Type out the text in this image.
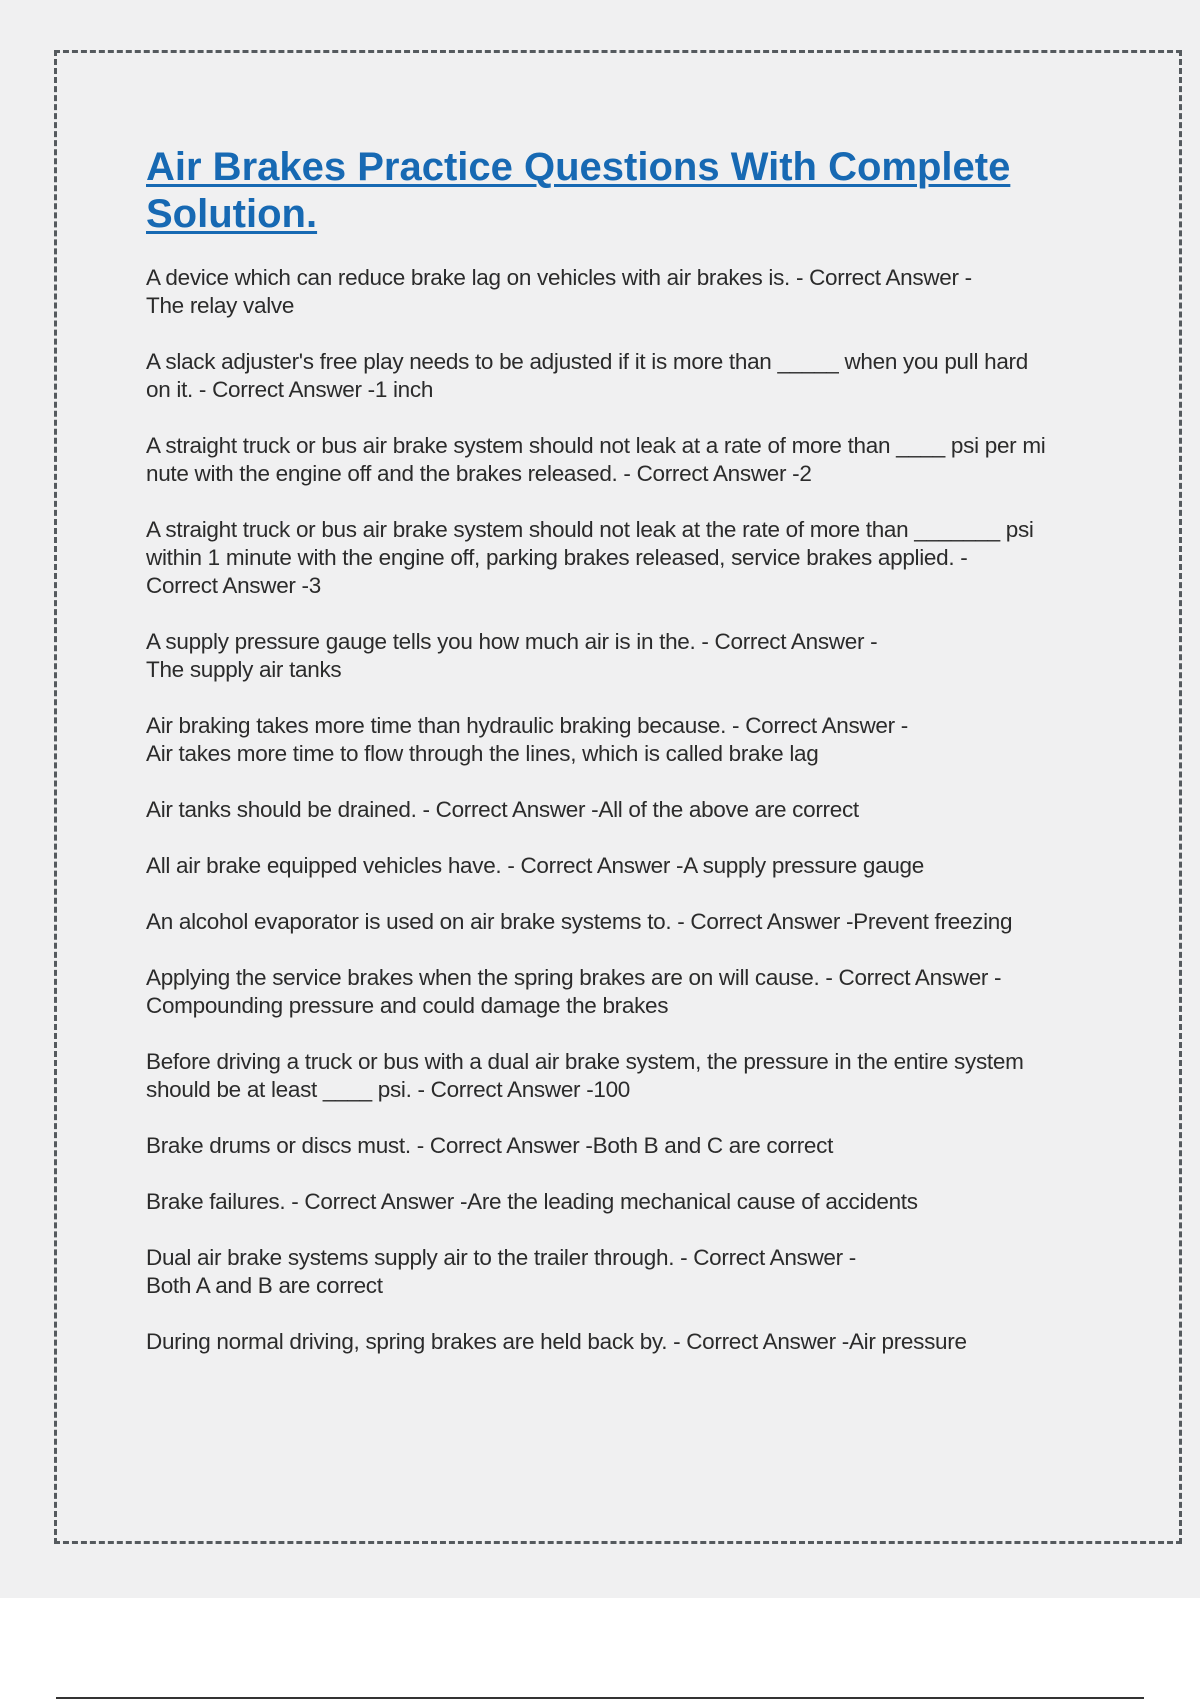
Air Brakes Practice Questions With Complete
Solution.
A device which can reduce brake lag on vehicles with air brakes is. - Correct Answer -
The relay valve
A slack adjuster's free play needs to be adjusted if it is more than _____ when you pull hard
on it. - Correct Answer -1 inch
A straight truck or bus air brake system should not leak at a rate of more than ____ psi per mi
nute with the engine off and the brakes released. - Correct Answer -2
A straight truck or bus air brake system should not leak at the rate of more than _______ psi
within 1 minute with the engine off, parking brakes released, service brakes applied. -
Correct Answer -3
A supply pressure gauge tells you how much air is in the. - Correct Answer -
The supply air tanks
Air braking takes more time than hydraulic braking because. - Correct Answer -
Air takes more time to flow through the lines, which is called brake lag
Air tanks should be drained. - Correct Answer -All of the above are correct
All air brake equipped vehicles have. - Correct Answer -A supply pressure gauge
An alcohol evaporator is used on air brake systems to. - Correct Answer -Prevent freezing
Applying the service brakes when the spring brakes are on will cause. - Correct Answer -
Compounding pressure and could damage the brakes
Before driving a truck or bus with a dual air brake system, the pressure in the entire system
should be at least ____ psi. - Correct Answer -100
Brake drums or discs must. - Correct Answer -Both B and C are correct
Brake failures. - Correct Answer -Are the leading mechanical cause of accidents
Dual air brake systems supply air to the trailer through. - Correct Answer -
Both A and B are correct
During normal driving, spring brakes are held back by. - Correct Answer -Air pressure
